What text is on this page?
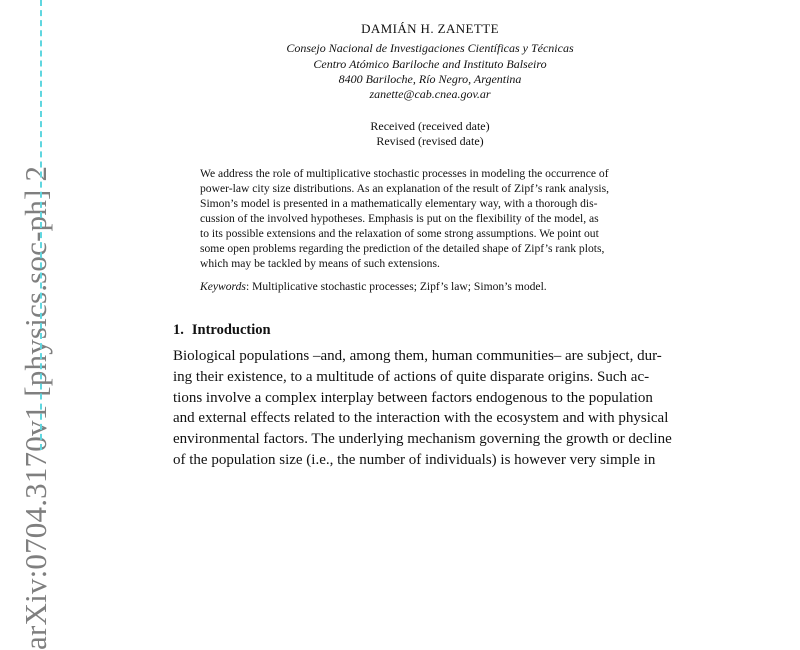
arXiv:0704.3170v1 [physics.soc-ph] 2
DAMIÁN H. ZANETTE
Consejo Nacional de Investigaciones Científicas y Técnicas
Centro Atómico Bariloche and Instituto Balseiro
8400 Bariloche, Río Negro, Argentina
zanette@cab.cnea.gov.ar
Received (received date)
Revised (revised date)
We address the role of multiplicative stochastic processes in modeling the occurrence of
power-law city size distributions. As an explanation of the result of Zipf’s rank analysis,
Simon’s model is presented in a mathematically elementary way, with a thorough dis-
cussion of the involved hypotheses. Emphasis is put on the flexibility of the model, as
to its possible extensions and the relaxation of some strong assumptions. We point out
some open problems regarding the prediction of the detailed shape of Zipf’s rank plots,
which may be tackled by means of such extensions.
Keywords: Multiplicative stochastic processes; Zipf’s law; Simon’s model.
1. Introduction
Biological populations –and, among them, human communities– are subject, dur-
ing their existence, to a multitude of actions of quite disparate origins. Such ac-
tions involve a complex interplay between factors endogenous to the population
and external effects related to the interaction with the ecosystem and with physical
environmental factors. The underlying mechanism governing the growth or decline
of the population size (i.e., the number of individuals) is however very simple in
